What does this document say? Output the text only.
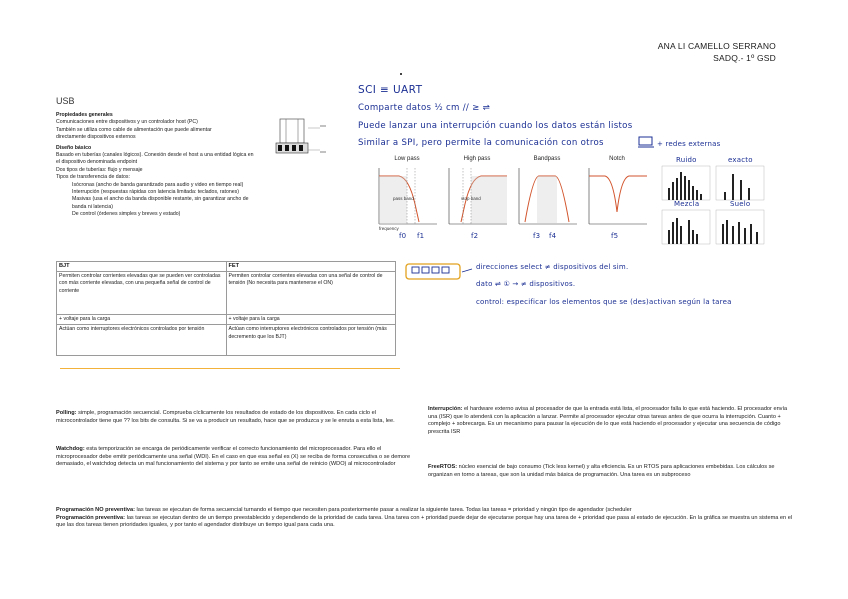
ANA LI CAMELLO SERRANO
SADQ.- 1º GSD
USB
Propiedades generales
Comunicaciones entre dispositivos y un controlador host (PC)
También se utiliza como cable de alimentación que puede alimentar
directamente dispositivos externos
Diseño básico
Basado en tuberías (canales lógicos). Conexión desde el host a una entidad lógica en
el dispositivo denominada endpoint
Dos tipos de tuberías: flujo y mensaje
Tipos de transferencia de datos:
Isócronas (ancho de banda garantizado para audio y video en tiempo real)
Interrupción (respuestas rápidas con latencia limitada: teclados, ratones)
Masivas (usa el ancho da banda disponible restante, sin garantizar ancho de
banda ni latencia)
De control (órdenes simples y breves y estado)
SCI ≡ UART
Comparte datos ½ cm // ≥ ⇌
Puede lanzar una interrupción cuando los datos están listos
Similar a SPI, pero permite la comunicación con otros	+ redes externas
Low pass	High pass	Bandpass	Notch
f0 f1	f2	f3 f4	f5
pass band	stop band
frequency
Ruido	exacto
Mezcla	Suelo
BJT	FET
Permiten controlar corrientes elevadas que se pueden ver controladas con más corriente elevadas, con una pequeña señal de control de corriente	Permiten controlar corrientes elevadas con una señal de control de tensión (No necesita para mantenerse el ON)
+ voltaje para la carga	+ voltaje para la carga
Actúan como interruptores electrónicos controlados por tensión	Actúan como interruptores electrónicos controlados por tensión (más decremento que los BJT)
direcciones select ≠ dispositivos del sim.
dato ⇌ ① → ≠ dispositivos.
control: especificar los elementos que se (des)activan según la tarea
Polling: simple, programación secuencial. Comprueba cíclicamente los resultados de estado de los dispositivos. En cada ciclo el microcontrolador tiene que ?? los bits de consulta. Si se va a producir un resultado, hace que se produzca y se le enruta a esta lista, lee.
Watchdog: esta temporización se encarga de periódicamente verificar el correcto funcionamiento del microprocesador. Para ello el microprocesador debe emitir periódicamente una señal (WDI). En el caso en que esa señal es (X) se reciba de forma consecutiva o se demore demasiado, el watchdog detecta un mal funcionamiento del sistema y por tanto se emite una señal de reinicio (WDO) al microcontrolador
Interrupción: el hardware externo avisa al procesador de que la entrada está lista, el procesador falla lo que está haciendo. El procesador envía una (ISR) que lo atenderá con la aplicación a lanzar. Permite al procesador ejecutar otras tareas antes de que ocurra la interrupción. Cuanto + complejo + sobrecarga. Es un mecanismo para pausar la ejecución de lo que está haciendo el procesador y ejecutar una secuencia de código prescrita ISR
FreeRTOS: núcleo esencial de bajo consumo (Tick less kernel) y alta eficiencia. Es un RTOS para aplicaciones embebidas. Los cálculos se organizan en torno a tareas, que son la unidad más básica de programación. Una tarea es un subproceso
Programación NO preventiva: las tareas se ejecutan de forma secuencial turnando el tiempo que necesiten para posteriormente pasar a realizar la siguiente tarea. Todas las tareas = prioridad y ningún tipo de agendador (scheduler
Programación preventiva: las tareas se ejecutan dentro de un tiempo preestablecido y dependiendo de la prioridad de cada tarea. Una tarea con + prioridad puede dejar de ejecutarse porque hay una tarea de + prioridad que pasa al estado de ejecución. En la gráfica se muestra un sistema en el que las dos tareas tienen prioridades iguales, y por tanto el agendador distribuye un tiempo igual para cada una.
